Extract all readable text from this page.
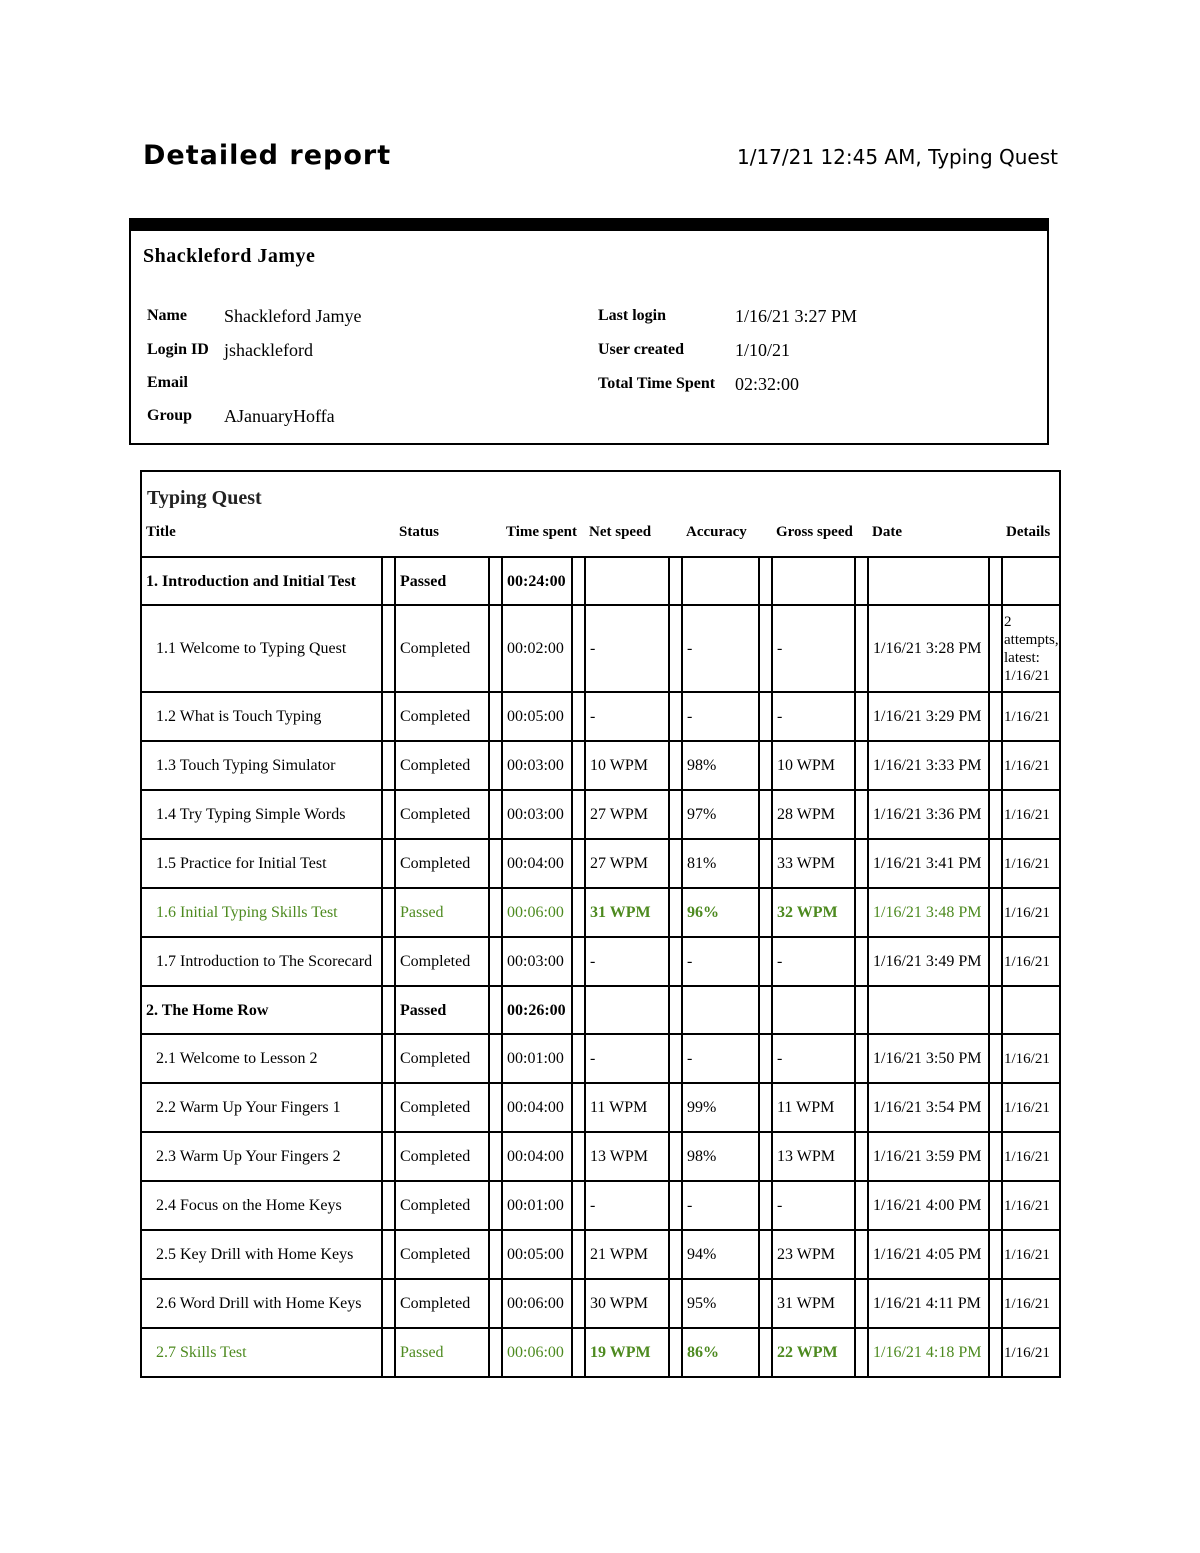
Detailed report	1/17/21 12:45 AM, Typing Quest
Shackleford Jamye
Name Shackleford Jamye
Login ID jshackleford
Email
Group AJanuaryHoffa
Last login	1/16/21 3:27 PM
User created	1/10/21
Total Time Spent 02:32:00
Typing Quest														
Title		Status		Time spent		Net speed		Accuracy		Gross speed		Date		Details
1. Introduction and Initial Test		Passed		00:24:00										
1.1 Welcome to Typing Quest		Completed		00:02:00		-		-		-		1/16/21 3:28 PM		2 attempts, latest: 1/16/21
1.2 What is Touch Typing		Completed		00:05:00		-		-		-		1/16/21 3:29 PM		1/16/21
1.3 Touch Typing Simulator		Completed		00:03:00		10 WPM		98%		10 WPM		1/16/21 3:33 PM		1/16/21
1.4 Try Typing Simple Words		Completed		00:03:00		27 WPM		97%		28 WPM		1/16/21 3:36 PM		1/16/21
1.5 Practice for Initial Test		Completed		00:04:00		27 WPM		81%		33 WPM		1/16/21 3:41 PM		1/16/21
1.6 Initial Typing Skills Test		Passed		00:06:00		31 WPM		96%		32 WPM		1/16/21 3:48 PM		1/16/21
1.7 Introduction to The Scorecard		Completed		00:03:00		-		-		-		1/16/21 3:49 PM		1/16/21
2. The Home Row		Passed		00:26:00										
2.1 Welcome to Lesson 2		Completed		00:01:00		-		-		-		1/16/21 3:50 PM		1/16/21
2.2 Warm Up Your Fingers 1		Completed		00:04:00		11 WPM		99%		11 WPM		1/16/21 3:54 PM		1/16/21
2.3 Warm Up Your Fingers 2		Completed		00:04:00		13 WPM		98%		13 WPM		1/16/21 3:59 PM		1/16/21
2.4 Focus on the Home Keys		Completed		00:01:00		-		-		-		1/16/21 4:00 PM		1/16/21
2.5 Key Drill with Home Keys		Completed		00:05:00		21 WPM		94%		23 WPM		1/16/21 4:05 PM		1/16/21
2.6 Word Drill with Home Keys		Completed		00:06:00		30 WPM		95%		31 WPM		1/16/21 4:11 PM		1/16/21
2.7 Skills Test		Passed		00:06:00		19 WPM		86%		22 WPM		1/16/21 4:18 PM		1/16/21
